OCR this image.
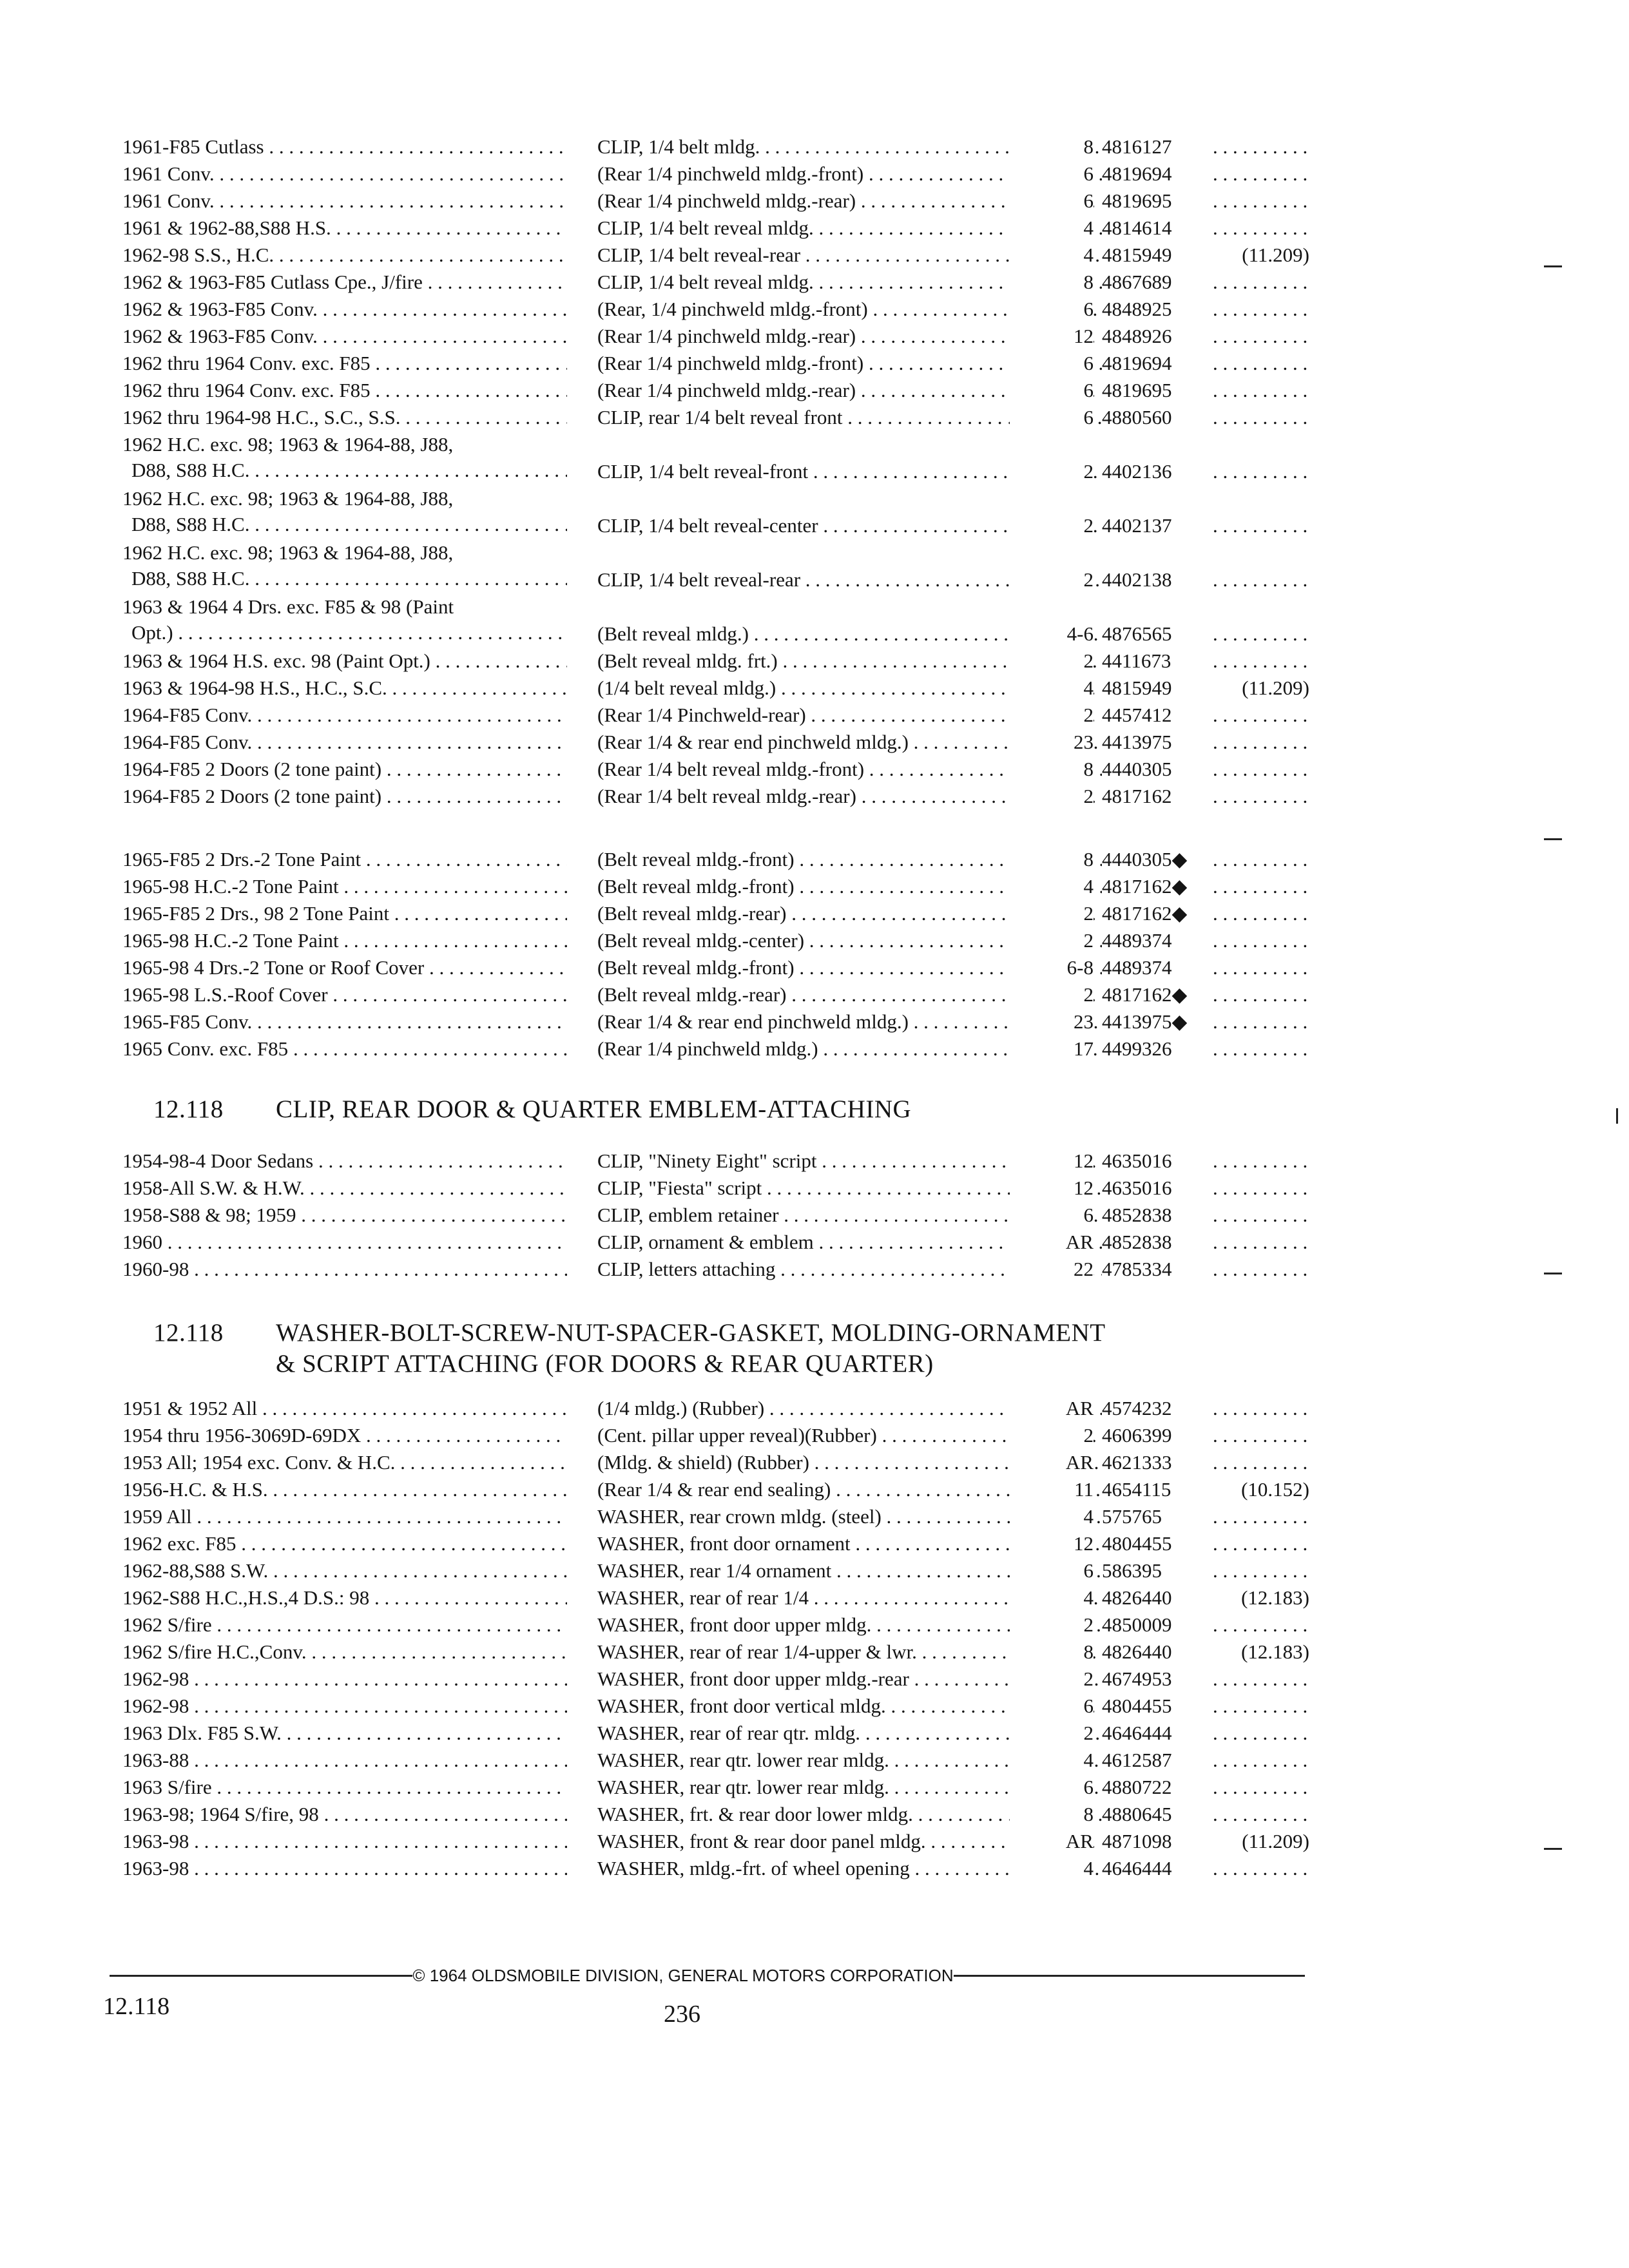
1961-F85 Cutlass . . .	CLIP, 1/4 belt mldg. . . .	8 4816127
. . .
1961 Conv. . . .	(Rear 1/4 pinchweld mldg.-front) . . .	6 4819694
. . .
1961 Conv. . . .	(Rear 1/4 pinchweld mldg.-rear) . . .	6 4819695
. . .
1961 & 1962-88,S88 H.S. . . .	CLIP, 1/4 belt reveal mldg. . . .	4 4814614
. . .
1962-98 S.S., H.C. . . .	CLIP, 1/4 belt reveal-rear . . .	4 4815949	(11.209)
1962 & 1963-F85 Cutlass Cpe., J/fire . . .	CLIP, 1/4 belt reveal mldg. . . .	8 4867689
. . .
1962 & 1963-F85 Conv. . . .	(Rear, 1/4 pinchweld mldg.-front) . . .	6 4848925
. . .
1962 & 1963-F85 Conv. . . .	(Rear 1/4 pinchweld mldg.-rear) . . .	12 4848926
. . .
1962 thru 1964 Conv. exc. F85 . . .	(Rear 1/4 pinchweld mldg.-front) . . .	6 4819694
. . .
1962 thru 1964 Conv. exc. F85 . . .	(Rear 1/4 pinchweld mldg.-rear) . . .	6 4819695
. . .
1962 thru 1964-98 H.C., S.C., S.S. . . .	CLIP, rear 1/4 belt reveal front . . .	6 4880560
. . .
1962 H.C. exc. 98; 1963 & 1964-88, J88,
D88, S88 H.C. . . .	CLIP, 1/4 belt reveal-front . . .	2 4402136
. . .
1962 H.C. exc. 98; 1963 & 1964-88, J88,
D88, S88 H.C. . . .	CLIP, 1/4 belt reveal-center . . .	2 4402137
. . .
1962 H.C. exc. 98; 1963 & 1964-88, J88,
D88, S88 H.C. . . .	CLIP, 1/4 belt reveal-rear . . .	2 4402138
. . .
1963 & 1964 4 Drs. exc. F85 & 98 (Paint
Opt.) . . .	(Belt reveal mldg.) . . .	4-6 4876565
. . .
1963 & 1964 H.S. exc. 98 (Paint Opt.) . . .	(Belt reveal mldg. frt.) . . .	2 4411673
. . .
1963 & 1964-98 H.S., H.C., S.C. . . .	(1/4 belt reveal mldg.) . . .	4 4815949	(11.209)
1964-F85 Conv. . . .	(Rear 1/4 Pinchweld-rear) . . .	2 4457412
. . .
1964-F85 Conv. . . .	(Rear 1/4 & rear end pinchweld mldg.) . . .	23 4413975
. . .
1964-F85 2 Doors (2 tone paint) . . .	(Rear 1/4 belt reveal mldg.-front) . . .	8 4440305
. . .
1964-F85 2 Doors (2 tone paint) . . .	(Rear 1/4 belt reveal mldg.-rear) . . .	2 4817162
. . .
1965-F85 2 Drs.-2 Tone Paint . . .	(Belt reveal mldg.-front) . . .	8 4440305◆
. . .
1965-98 H.C.-2 Tone Paint . . .	(Belt reveal mldg.-front) . . .	4 4817162◆
. . .
1965-F85 2 Drs., 98 2 Tone Paint . . .	(Belt reveal mldg.-rear) . . .	2 4817162◆
. . .
1965-98 H.C.-2 Tone Paint . . .	(Belt reveal mldg.-center) . . .	2 4489374
. . .
1965-98 4 Drs.-2 Tone or Roof Cover . . .	(Belt reveal mldg.-front) . . .	6-8 4489374
. . .
1965-98 L.S.-Roof Cover . . .	(Belt reveal mldg.-rear) . . .	2 4817162◆
. . .
1965-F85 Conv. . . .	(Rear 1/4 & rear end pinchweld mldg.) . . .	23 4413975◆
. . .
1965 Conv. exc. F85 . . .	(Rear 1/4 pinchweld mldg.) . . .	17 4499326
. . .
12.118 CLIP, REAR DOOR & QUARTER EMBLEM-ATTACHING
1954-98-4 Door Sedans . . .	CLIP, "Ninety Eight" script . . .	12 4635016
. . .
1958-All S.W. & H.W. . . .	CLIP, "Fiesta" script . . .	12 4635016
. . .
1958-S88 & 98; 1959 . . .	CLIP, emblem retainer . . .	6 4852838
. . .
1960 . . .	CLIP, ornament & emblem . . .	AR 4852838
. . .
1960-98 . . .	CLIP, letters attaching . . .	22 4785334
. . .
12.118 WASHER-BOLT-SCREW-NUT-SPACER-GASKET, MOLDING-ORNAMENT
& SCRIPT ATTACHING (FOR DOORS & REAR QUARTER)
1951 & 1952 All . . .	(1/4 mldg.) (Rubber) . . .	AR 4574232
. . .
1954 thru 1956-3069D-69DX . . .	(Cent. pillar upper reveal)(Rubber) . . .	2 4606399
. . .
1953 All; 1954 exc. Conv. & H.C. . . .	(Mldg. & shield) (Rubber) . . .	AR 4621333
. . .
1956-H.C. & H.S. . . .	(Rear 1/4 & rear end sealing) . . .	11 4654115	(10.152)
1959 All . . .	WASHER, rear crown mldg. (steel) . . .	4 575765
. . .
1962 exc. F85 . . .	WASHER, front door ornament . . .	12 4804455
. . .
1962-88,S88 S.W. . . .	WASHER, rear 1/4 ornament . . .	6 586395
. . .
1962-S88 H.C.,H.S.,4 D.S.: 98 . . .	WASHER, rear of rear 1/4 . . .	4 4826440	(12.183)
1962 S/fire . . .	WASHER, front door upper mldg. . . .	2 4850009
. . .
1962 S/fire H.C.,Conv. . . .	WASHER, rear of rear 1/4-upper & lwr. . . .	8 4826440	(12.183)
1962-98 . . .	WASHER, front door upper mldg.-rear . . .	2 4674953
. . .
1962-98 . . .	WASHER, front door vertical mldg. . . .	6 4804455
. . .
1963 Dlx. F85 S.W. . . .	WASHER, rear of rear qtr. mldg. . . .	2 4646444
. . .
1963-88 . . .	WASHER, rear qtr. lower rear mldg. . . .	4 4612587
. . .
1963 S/fire . . .	WASHER, rear qtr. lower rear mldg. . . .	6 4880722
. . .
1963-98; 1964 S/fire, 98 . . .	WASHER, frt. & rear door lower mldg. . . .	8 4880645
. . .
1963-98 . . .	WASHER, front & rear door panel mldg. . . .	AR 4871098	(11.209)
1963-98 . . .	WASHER, mldg.-frt. of wheel opening . . .	4 4646444
. . .
© 1964 OLDSMOBILE DIVISION, GENERAL MOTORS CORPORATION
12.118	236
